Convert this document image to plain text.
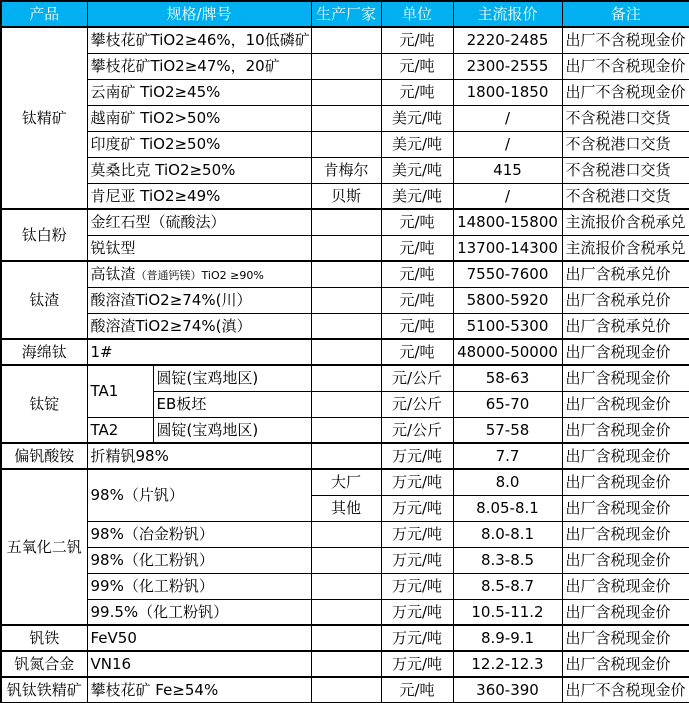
产品	规格/牌号		生产厂家	单位	主流报价	备注
钛精矿	攀枝花矿TiO2≥46%，10低磷矿			元/吨	2220-2485	出厂不含税现金价
	攀枝花矿TiO2≥47%，20矿			元/吨	2300-2555	出厂不含税现金价
	云南矿 TiO2≥45%			元/吨	1800-1850	出厂不含税现金价
	越南矿 TiO2>50%			美元/吨	/	不含税港口交货
	印度矿 TiO2≥50%			美元/吨	/	不含税港口交货
	莫桑比克 TiO2≥50%		肯梅尔	美元/吨	415	不含税港口交货
	肯尼亚 TiO2≥49%		贝斯	美元/吨	/	不含税港口交货
钛白粉	金红石型（硫酸法）			元/吨	14800-15800	主流报价含税承兑
	锐钛型			元/吨	13700-14300	主流报价含税承兑
钛渣	高钛渣（普通钙镁）TiO2 ≥90%			元/吨	7550-7600	出厂含税承兑价
	酸溶渣TiO2≥74%(川）			元/吨	5800-5920	出厂含税承兑价
	酸溶渣TiO2≥74%(滇）			元/吨	5100-5300	出厂含税承兑价
海绵钛	1#			元/吨	48000-50000	出厂含税现金价
钛锭	TA1	圆锭(宝鸡地区)		元/公斤	58-63	出厂含税现金价
		EB板坯		元/公斤	65-70	出厂含税现金价
	TA2	圆锭(宝鸡地区)		元/公斤	57-58	出厂含税现金价
偏钒酸铵	折精钒98%			万元/吨	7.7	出厂含税现金价
五氧化二钒	98%（片钒）		大厂	万元/吨	8.0	出厂含税现金价
			其他	万元/吨	8.05-8.1	出厂含税现金价
	98%（冶金粉钒）			万元/吨	8.0-8.1	出厂含税现金价
	98%（化工粉钒）			万元/吨	8.3-8.5	出厂含税现金价
	99%（化工粉钒）			万元/吨	8.5-8.7	出厂含税现金价
	99.5%（化工粉钒）			万元/吨	10.5-11.2	出厂含税现金价
钒铁	FeV50			万元/吨	8.9-9.1	出厂含税现金价
钒氮合金	VN16			万元/吨	12.2-12.3	出厂含税现金价
钒钛铁精矿	攀枝花矿 Fe≥54%			元/吨	360-390	出厂不含税现金价
